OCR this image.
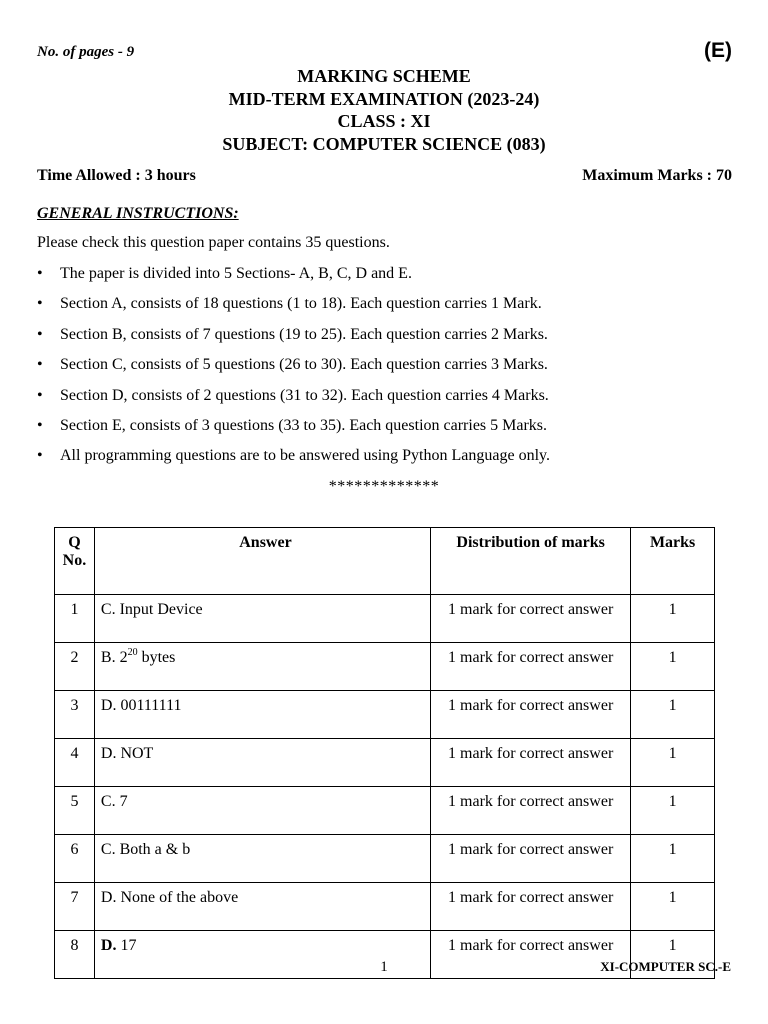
No. of pages - 9	(E)
MARKING SCHEME
MID-TERM EXAMINATION (2023-24)
CLASS : XI
SUBJECT: COMPUTER SCIENCE (083)
Time Allowed : 3 hours	Maximum Marks : 70
GENERAL INSTRUCTIONS:
Please check this question paper contains 35 questions.
• The paper is divided into 5 Sections- A, B, C, D and E.
• Section A, consists of 18 questions (1 to 18). Each question carries 1 Mark.
• Section B, consists of 7 questions (19 to 25). Each question carries 2 Marks.
• Section C, consists of 5 questions (26 to 30). Each question carries 3 Marks.
• Section D, consists of 2 questions (31 to 32). Each question carries 4 Marks.
• Section E, consists of 3 questions (33 to 35). Each question carries 5 Marks.
• All programming questions are to be answered using Python Language only.
*************
Q
No.	Answer	Distribution of marks	Marks
1	C. Input Device	1 mark for correct answer	1
2	B. $2^{20}$ bytes	1 mark for correct answer	1
3	D. 00111111	1 mark for correct answer	1
4	D. NOT	1 mark for correct answer	1
5	C. 7	1 mark for correct answer	1
6	C. Both a & b	1 mark for correct answer	1
7	D. None of the above	1 mark for correct answer	1
8	D. 17	1 mark for correct answer	1
1	XI-COMPUTER SC.-E
